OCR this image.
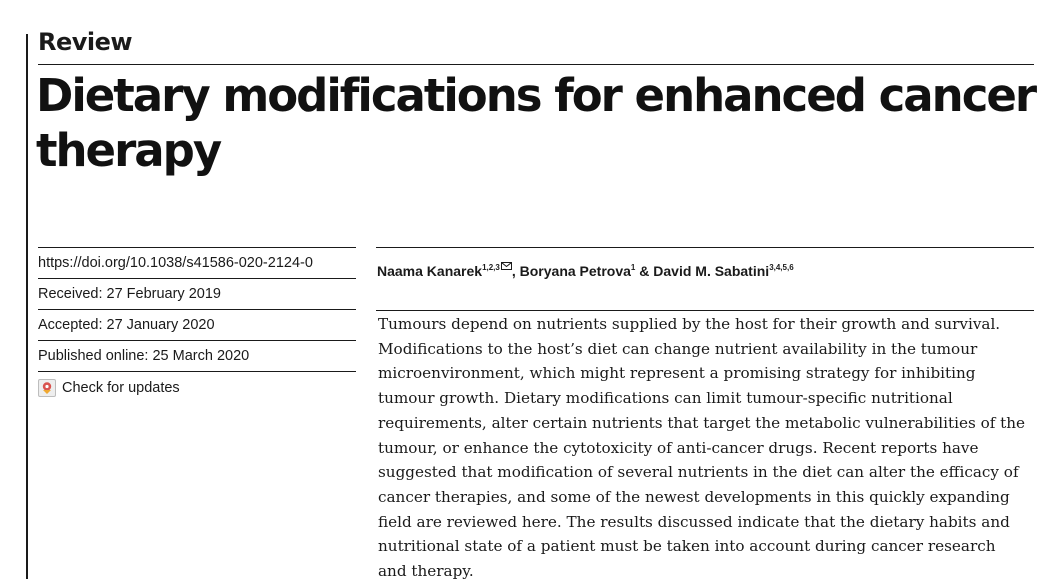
Review
Dietary modifications for enhanced cancer therapy
https://doi.org/10.1038/s41586-020-2124-0
Received: 27 February 2019
Accepted: 27 January 2020
Published online: 25 March 2020
Check for updates
Naama Kanarek$^{1,2,3}$ , Boryana Petrova$^1$ & David M. Sabatini$^{3,4,5,6}$

Tumours depend on nutrients supplied by the host for their growth and survival. Modifications to the host’s diet can change nutrient availability in the tumour microenvironment, which might represent a promising strategy for inhibiting tumour growth. Dietary modifications can limit tumour-specific nutritional requirements, alter certain nutrients that target the metabolic vulnerabilities of the tumour, or enhance the cytotoxicity of anti-cancer drugs. Recent reports have suggested that modification of several nutrients in the diet can alter the efficacy of cancer therapies, and some of the newest developments in this quickly expanding field are reviewed here. The results discussed indicate that the dietary habits and nutritional state of a patient must be taken into account during cancer research and therapy.
